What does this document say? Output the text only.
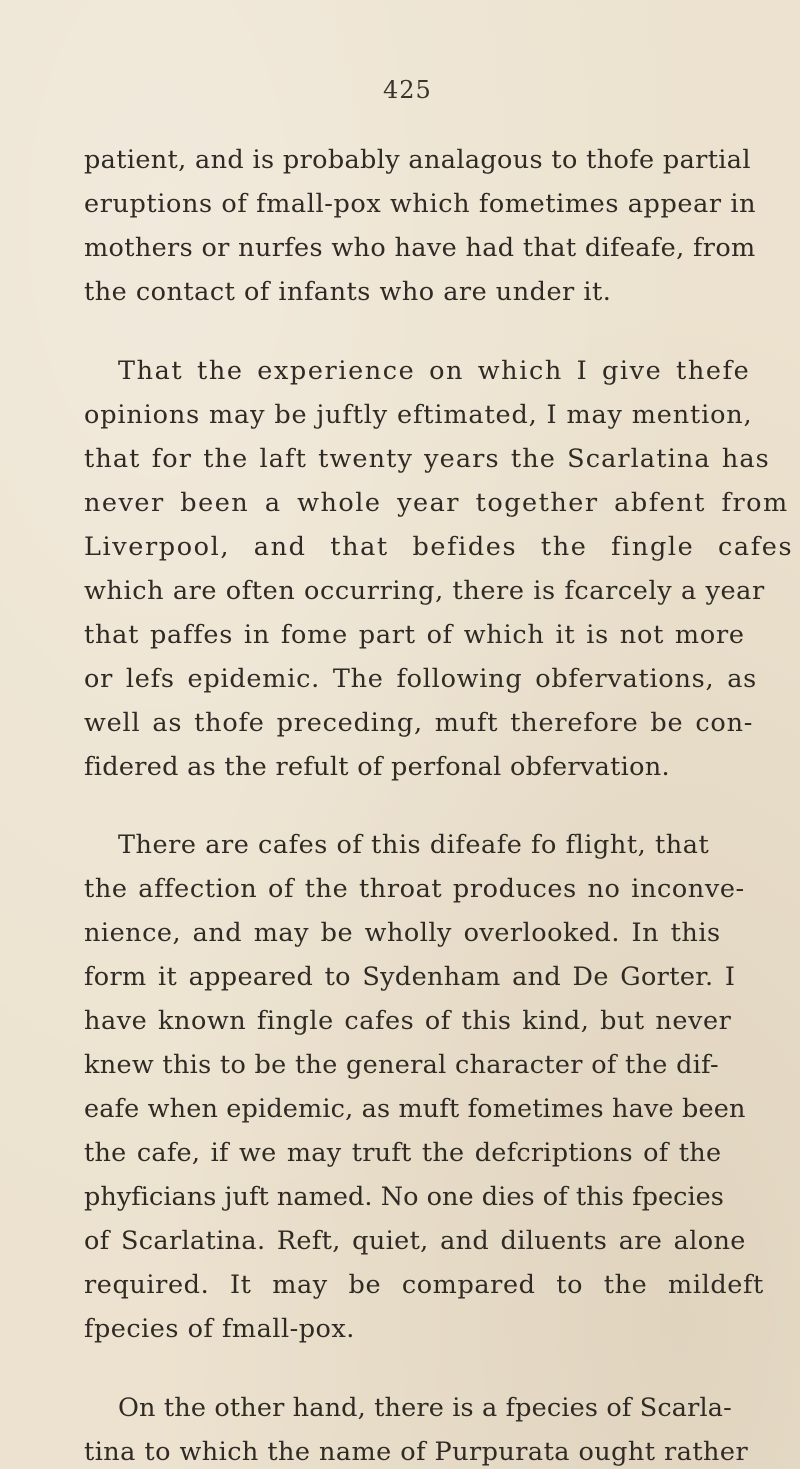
425
patient, and is probably analagous to thofe partial
eruptions of fmall-pox which fometimes appear in
mothers or nurfes who have had that difeafe, from
the contact of infants who are under it.
That the experience on which I give thefe
opinions may be juftly eftimated, I may mention,
that for the laft twenty years the Scarlatina has
never been a whole year together abfent from
Liverpool, and that befides the fingle cafes
which are often occurring, there is fcarcely a year
that paffes in fome part of which it is not more
or lefs epidemic. The following obfervations, as
well as thofe preceding, muft therefore be con-
fidered as the refult of perfonal obfervation.
There are cafes of this difeafe fo flight, that
the affection of the throat produces no inconve-
nience, and may be wholly overlooked. In this
form it appeared to Sydenham and De Gorter. I
have known fingle cafes of this kind, but never
knew this to be the general character of the dif-
eafe when epidemic, as muft fometimes have been
the cafe, if we may truft the defcriptions of the
phyficians juft named. No one dies of this fpecies
of Scarlatina. Reft, quiet, and diluents are alone
required. It may be compared to the mildeft
fpecies of fmall-pox.
On the other hand, there is a fpecies of Scarla-
tina to which the name of Purpurata ought rather
